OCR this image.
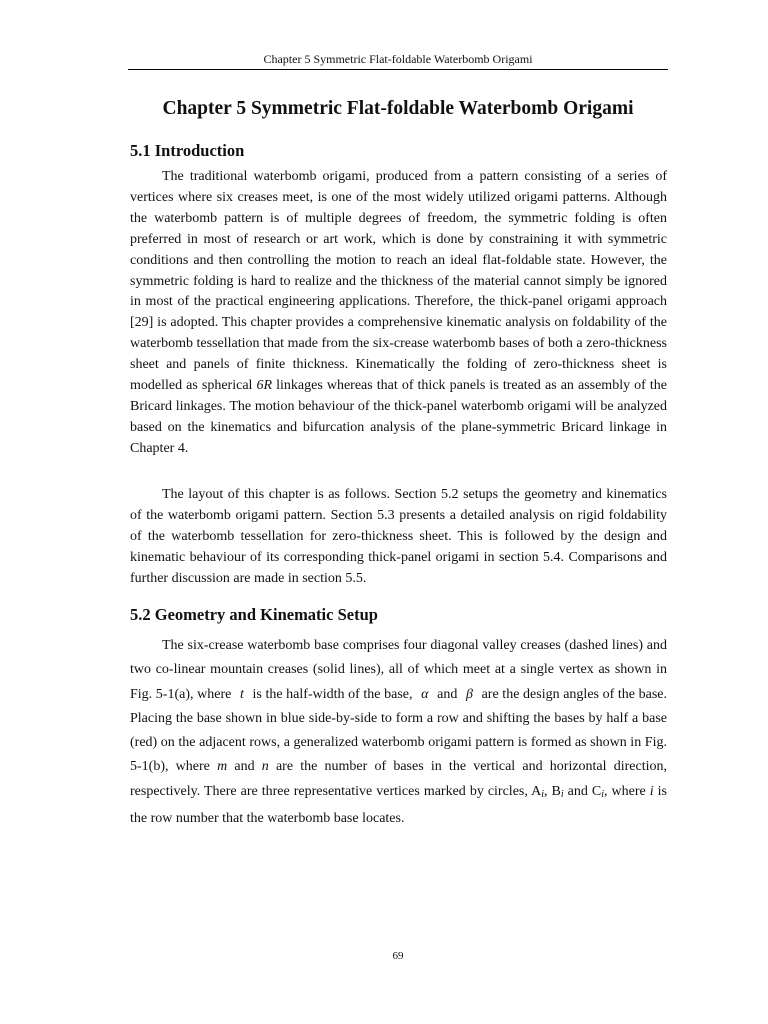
Chapter 5 Symmetric Flat-foldable Waterbomb Origami
Chapter 5 Symmetric Flat-foldable Waterbomb Origami
5.1 Introduction

The traditional waterbomb origami, produced from a pattern consisting of a series of vertices where six creases meet, is one of the most widely utilized origami patterns. Although the waterbomb pattern is of multiple degrees of freedom, the symmetric folding is often preferred in most of research or art work, which is done by constraining it with symmetric conditions and then controlling the motion to reach an ideal flat-foldable state. However, the symmetric folding is hard to realize and the thickness of the material cannot simply be ignored in most of the practical engineering applications. Therefore, the thick-panel origami approach [29] is adopted. This chapter provides a comprehensive kinematic analysis on foldability of the waterbomb tessellation that made from the six-crease waterbomb bases of both a zero-thickness sheet and panels of finite thickness. Kinematically the folding of zero-thickness sheet is modelled as spherical 6R linkages whereas that of thick panels is treated as an assembly of the Bricard linkages. The motion behaviour of the thick-panel waterbomb origami will be analyzed based on the kinematics and bifurcation analysis of the plane-symmetric Bricard linkage in Chapter 4.

The layout of this chapter is as follows. Section 5.2 setups the geometry and kinematics of the waterbomb origami pattern. Section 5.3 presents a detailed analysis on rigid foldability of the waterbomb tessellation for zero-thickness sheet. This is followed by the design and kinematic behaviour of its corresponding thick-panel origami in section 5.4. Comparisons and further discussion are made in section 5.5.

5.2 Geometry and Kinematic Setup

The six-crease waterbomb base comprises four diagonal valley creases (dashed lines) and two co-linear mountain creases (solid lines), all of which meet at a single vertex as shown in Fig. 5-1(a), where t is the half-width of the base, α and β are the design angles of the base. Placing the base shown in blue side-by-side to form a row and shifting the bases by half a base (red) on the adjacent rows, a generalized waterbomb origami pattern is formed as shown in Fig. 5-1(b), where m and n are the number of bases in the vertical and horizontal direction, respectively. There are three representative vertices marked by circles, $A_i$, $B_i$ and $C_i$, where i is the row number that the waterbomb base locates.

69
